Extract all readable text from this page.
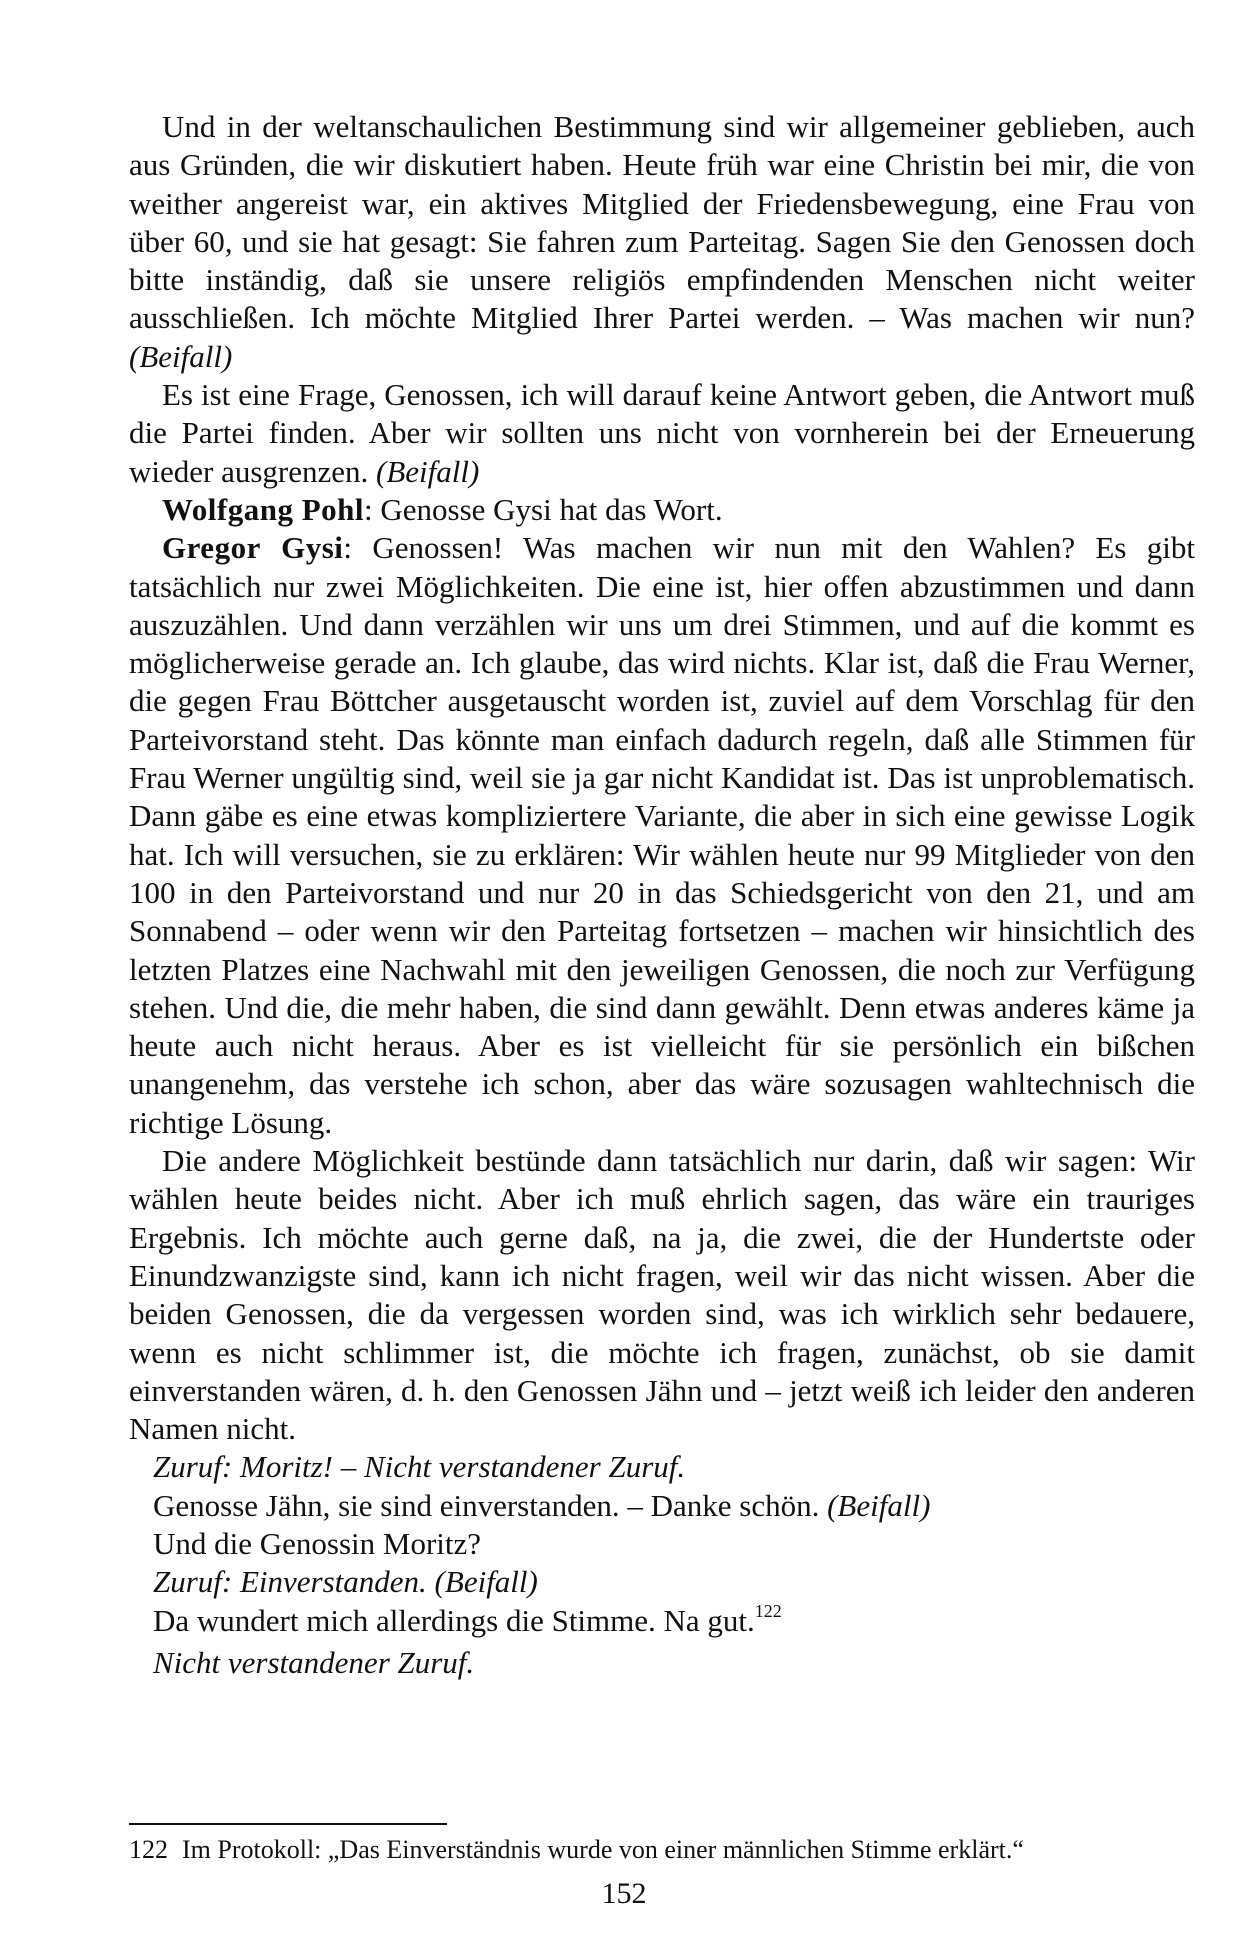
Und in der weltanschaulichen Bestimmung sind wir allgemeiner geblieben, auch aus Gründen, die wir diskutiert haben. Heute früh war eine Christin bei mir, die von weither angereist war, ein aktives Mitglied der Friedensbewegung, eine Frau von über 60, und sie hat gesagt: Sie fahren zum Parteitag. Sagen Sie den Genossen doch bitte inständig, daß sie unsere religiös empfindenden Menschen nicht weiter ausschließen. Ich möchte Mitglied Ihrer Partei werden. – Was machen wir nun? (Beifall)

Es ist eine Frage, Genossen, ich will darauf keine Antwort geben, die Antwort muß die Partei finden. Aber wir sollten uns nicht von vornherein bei der Erneuerung wieder ausgrenzen. (Beifall)

Wolfgang Pohl: Genosse Gysi hat das Wort.

Gregor Gysi: Genossen! Was machen wir nun mit den Wahlen? Es gibt tatsächlich nur zwei Möglichkeiten. Die eine ist, hier offen abzustimmen und dann auszuzählen. Und dann verzählen wir uns um drei Stimmen, und auf die kommt es möglicherweise gerade an. Ich glaube, das wird nichts. Klar ist, daß die Frau Werner, die gegen Frau Böttcher ausgetauscht worden ist, zuviel auf dem Vorschlag für den Parteivorstand steht. Das könnte man einfach dadurch regeln, daß alle Stimmen für Frau Werner ungültig sind, weil sie ja gar nicht Kandidat ist. Das ist unproblematisch. Dann gäbe es eine etwas kompliziertere Variante, die aber in sich eine gewisse Logik hat. Ich will versuchen, sie zu erklären: Wir wählen heute nur 99 Mitglieder von den 100 in den Parteivorstand und nur 20 in das Schiedsgericht von den 21, und am Sonnabend – oder wenn wir den Parteitag fortsetzen – machen wir hinsichtlich des letzten Platzes eine Nachwahl mit den jeweiligen Genossen, die noch zur Verfügung stehen. Und die, die mehr haben, die sind dann gewählt. Denn etwas anderes käme ja heute auch nicht heraus. Aber es ist vielleicht für sie persönlich ein bißchen unangenehm, das verstehe ich schon, aber das wäre sozusagen wahltechnisch die richtige Lösung.

Die andere Möglichkeit bestünde dann tatsächlich nur darin, daß wir sagen: Wir wählen heute beides nicht. Aber ich muß ehrlich sagen, das wäre ein trauriges Ergebnis. Ich möchte auch gerne daß, na ja, die zwei, die der Hundertste oder Einundzwanzigste sind, kann ich nicht fragen, weil wir das nicht wissen. Aber die beiden Genossen, die da vergessen worden sind, was ich wirklich sehr bedauere, wenn es nicht schlimmer ist, die möchte ich fragen, zunächst, ob sie damit einverstanden wären, d. h. den Genossen Jähn und – jetzt weiß ich leider den anderen Namen nicht.

Zuruf: Moritz! – Nicht verstandener Zuruf.

Genosse Jähn, sie sind einverstanden. – Danke schön. (Beifall)

Und die Genossin Moritz?

Zuruf: Einverstanden. (Beifall)

Da wundert mich allerdings die Stimme. Na gut.$^{122}$

Nicht verstandener Zuruf.

122 Im Protokoll: „Das Einverständnis wurde von einer männlichen Stimme erklärt.“
152
